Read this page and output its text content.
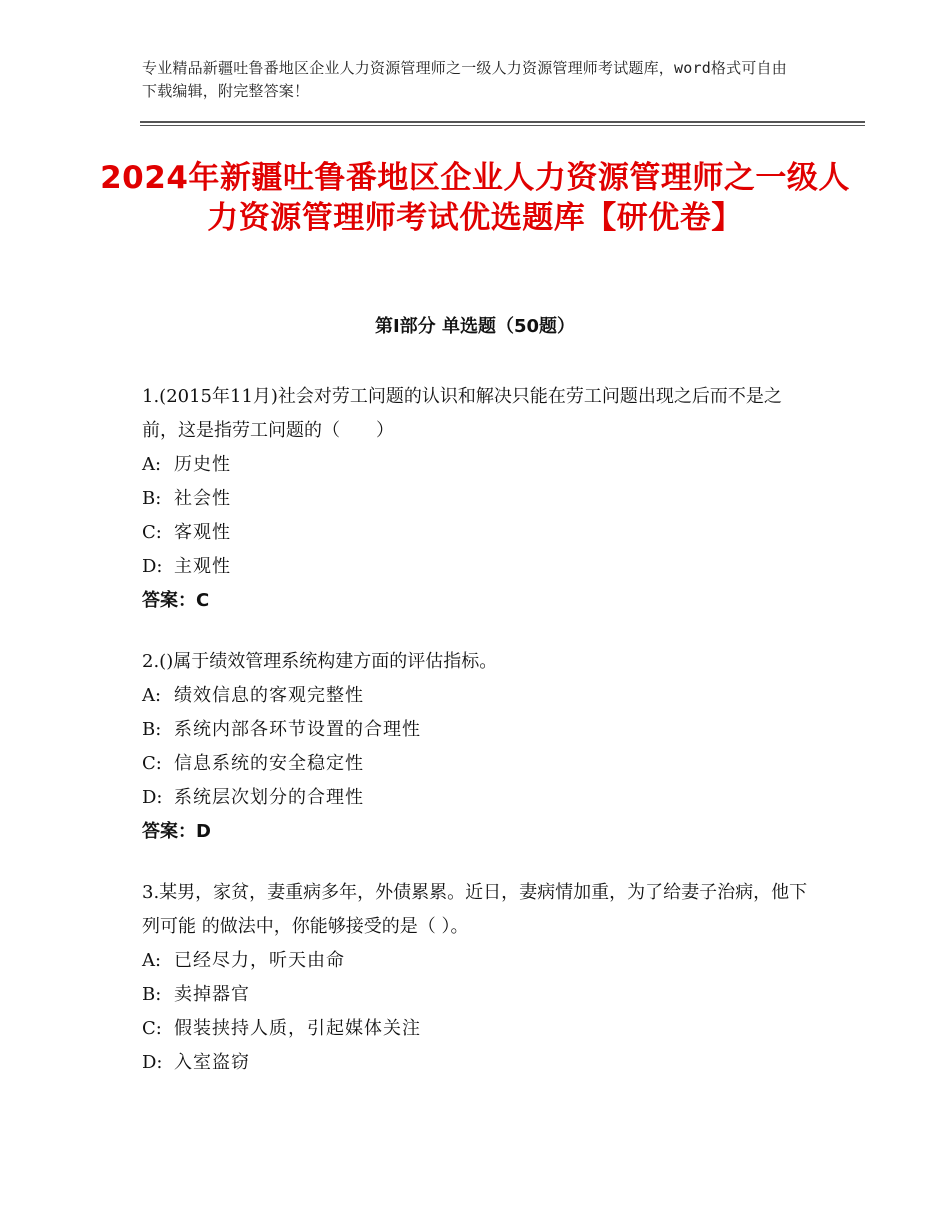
专业精品新疆吐鲁番地区企业人力资源管理师之一级人力资源管理师考试题库，word格式可自由下载编辑，附完整答案！
2024年新疆吐鲁番地区企业人力资源管理师之一级人力资源管理师考试优选题库【研优卷】
第Ⅰ部分 单选题（50题）

1.(2015年11月)社会对劳工问题的认识和解决只能在劳工问题出现之后而不是之前，这是指劳工问题的（　　）

A: 历史性

B: 社会性

C: 客观性

D: 主观性

答案：C

2.()属于绩效管理系统构建方面的评估指标。

A: 绩效信息的客观完整性

B: 系统内部各环节设置的合理性

C: 信息系统的安全稳定性

D: 系统层次划分的合理性

答案：D

3.某男，家贫，妻重病多年，外债累累。近日，妻病情加重，为了给妻子治病，他下列可能 的做法中，你能够接受的是（ ）。

A: 已经尽力，听天由命

B: 卖掉器官

C: 假装挟持人质，引起媒体关注

D: 入室盗窃
